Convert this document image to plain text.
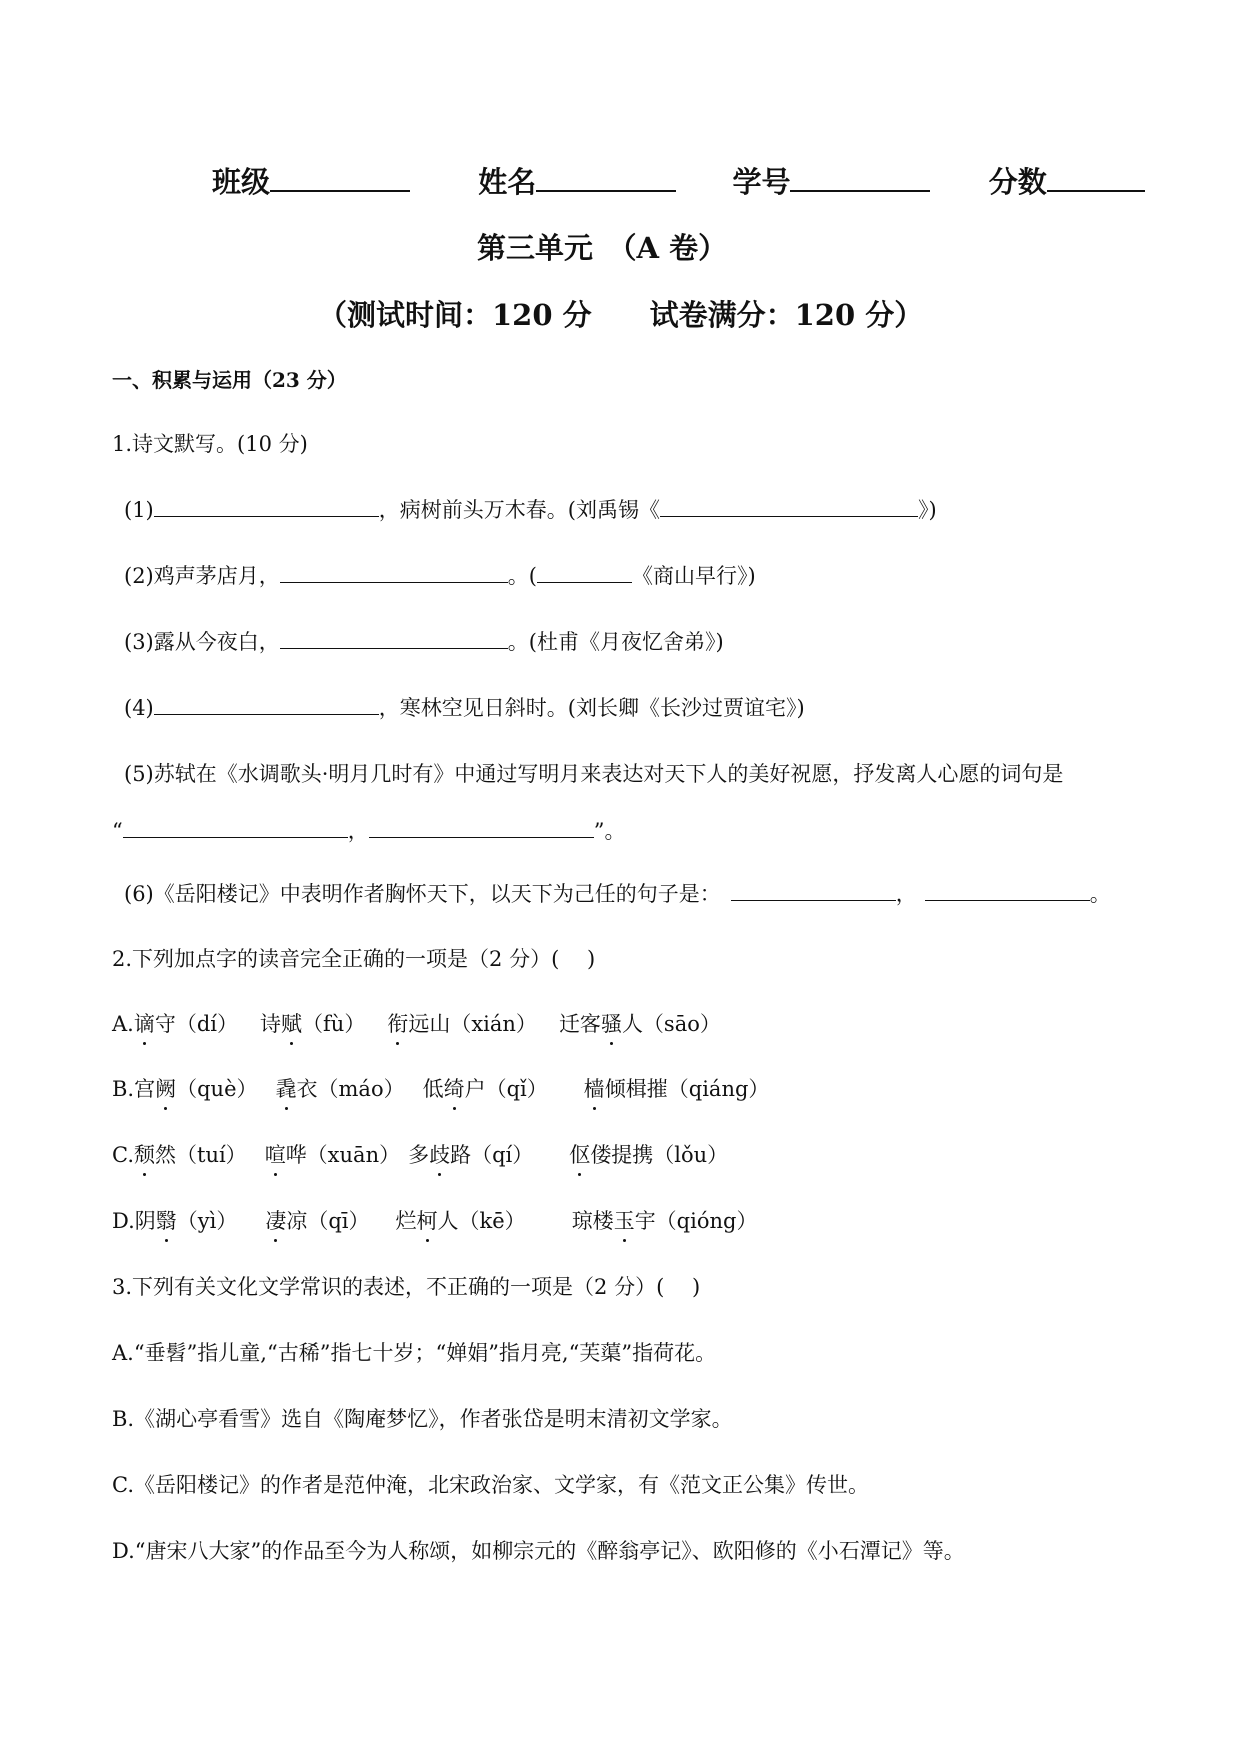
班级	姓名	学号	分数
第三单元　（A 卷）
（测试时间：120 分　　试卷满分：120 分）
一、积累与运用（23 分）
1.诗文默写。(10 分)
(1)	，病树前头万木春。(刘禹锡《	》)
(2)鸡声茅店月，	。(	《商山早行》)
(3)露从今夜白，	。(杜甫《月夜忆舍弟》)
(4)	，寒林空见日斜时。(刘长卿《长沙过贾谊宅》)
(5)苏轼在《水调歌头·明月几时有》中通过写明月来表达对天下人的美好祝愿，抒发离人心愿的词句是
“	，	”。
(6)《岳阳楼记》中表明作者胸怀天下，以天下为己任的句子是：	，	。
2.下列加点字的读音完全正确的一项是（2 分）(　 )
A.谪守（dí） 诗赋（fù） 衔远山（xián） 迁客骚人（sāo）
B.宫阙（què） 毳衣（máo） 低绮户（qǐ） 樯倾楫摧（qiáng）
C.颓然（tuí） 喧哗（xuān） 多歧路（qí） 伛偻提携（lǒu）
D.阴翳（yì） 凄凉（qī） 烂柯人（kē） 琼楼玉宇（qióng）
3.下列有关文化文学常识的表述，不正确的一项是（2 分）(　 )
A.“垂髫”指儿童,“古稀”指七十岁；“婵娟”指月亮,“芙蕖”指荷花。
B.《湖心亭看雪》选自《陶庵梦忆》，作者张岱是明末清初文学家。
C.《岳阳楼记》的作者是范仲淹，北宋政治家、文学家，有《范文正公集》传世。
D.“唐宋八大家”的作品至今为人称颂，如柳宗元的《醉翁亭记》、欧阳修的《小石潭记》等。
